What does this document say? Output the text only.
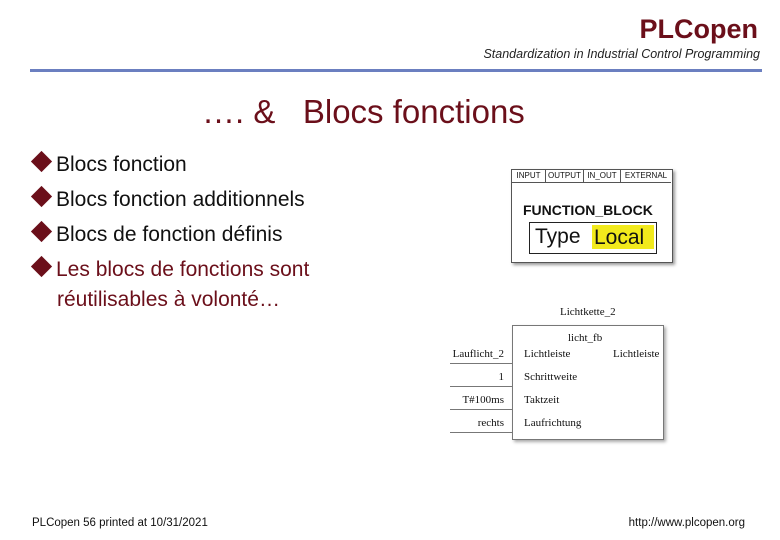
PLCopen
Standardization in Industrial Control Programming
…. &   Blocs fonctions
Blocs fonction
Blocs fonction additionnels
Blocs de fonction définis
Les blocs de fonctions sont
réutilisables à volonté…
INPUT OUTPUT IN_OUT	EXTERNAL
FUNCTION_BLOCK
Type Local
Lichtkette_2
licht_fb
Lauflicht_2 Lichtleiste	Lichtleiste
1 Schrittweite
T#100ms Taktzeit
rechts Laufrichtung
PLCopen 56 printed at 10/31/2021	http://www.plcopen.org
